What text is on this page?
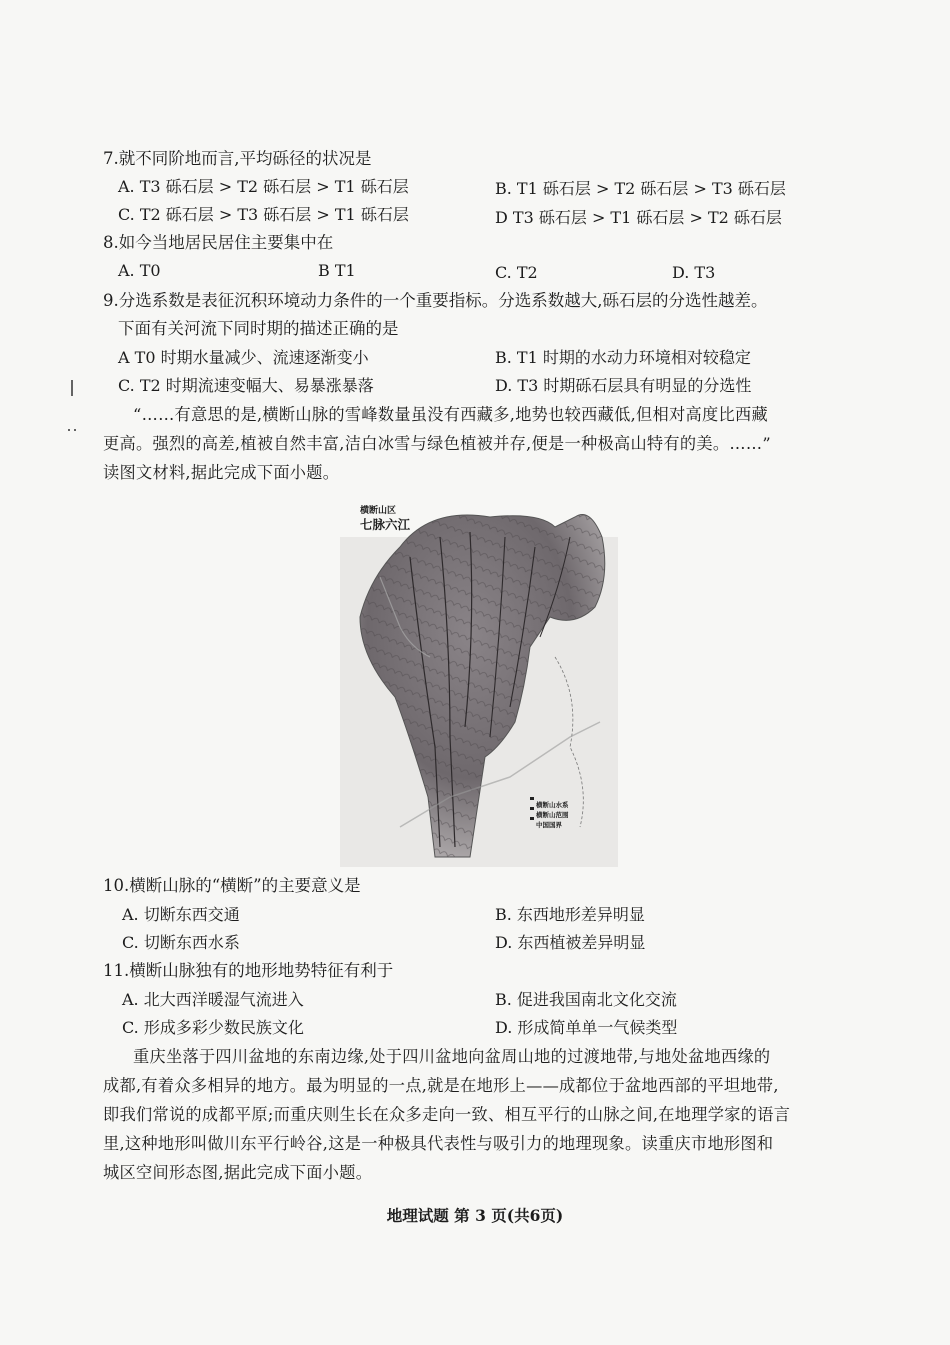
7.就不同阶地而言,平均砾径的状况是
A. T3 砾石层 > T2 砾石层 > T1 砾石层	B. T1 砾石层 > T2 砾石层 > T3 砾石层
C. T2 砾石层 > T3 砾石层 > T1 砾石层	D T3 砾石层 > T1 砾石层 > T2 砾石层
8.如今当地居民居住主要集中在
A. T0	B T1	C. T2	D. T3
9.分选系数是表征沉积环境动力条件的一个重要指标。分选系数越大,砾石层的分选性越差。
下面有关河流下同时期的描述正确的是
A T0 时期水量减少、流速逐渐变小	B. T1 时期的水动力环境相对较稳定
C. T2 时期流速变幅大、易暴涨暴落	D. T3 时期砾石层具有明显的分选性
“……有意思的是,横断山脉的雪峰数量虽没有西藏多,地势也较西藏低,但相对高度比西藏
更高。强烈的高差,植被自然丰富,洁白冰雪与绿色植被并存,便是一种极高山特有的美。……”
读图文材料,据此完成下面小题。
横断山区
七脉六江
横断山水系
横断山范围
中国国界
10.横断山脉的“横断”的主要意义是
A. 切断东西交通	B. 东西地形差异明显
C. 切断东西水系	D. 东西植被差异明显
11.横断山脉独有的地形地势特征有利于
A. 北大西洋暖湿气流进入	B. 促进我国南北文化交流
C. 形成多彩少数民族文化	D. 形成简单单一气候类型
重庆坐落于四川盆地的东南边缘,处于四川盆地向盆周山地的过渡地带,与地处盆地西缘的
成都,有着众多相异的地方。最为明显的一点,就是在地形上——成都位于盆地西部的平坦地带,
即我们常说的成都平原;而重庆则生长在众多走向一致、相互平行的山脉之间,在地理学家的语言
里,这种地形叫做川东平行岭谷,这是一种极具代表性与吸引力的地理现象。读重庆市地形图和
城区空间形态图,据此完成下面小题。
地理试题 第 3 页(共6页)
